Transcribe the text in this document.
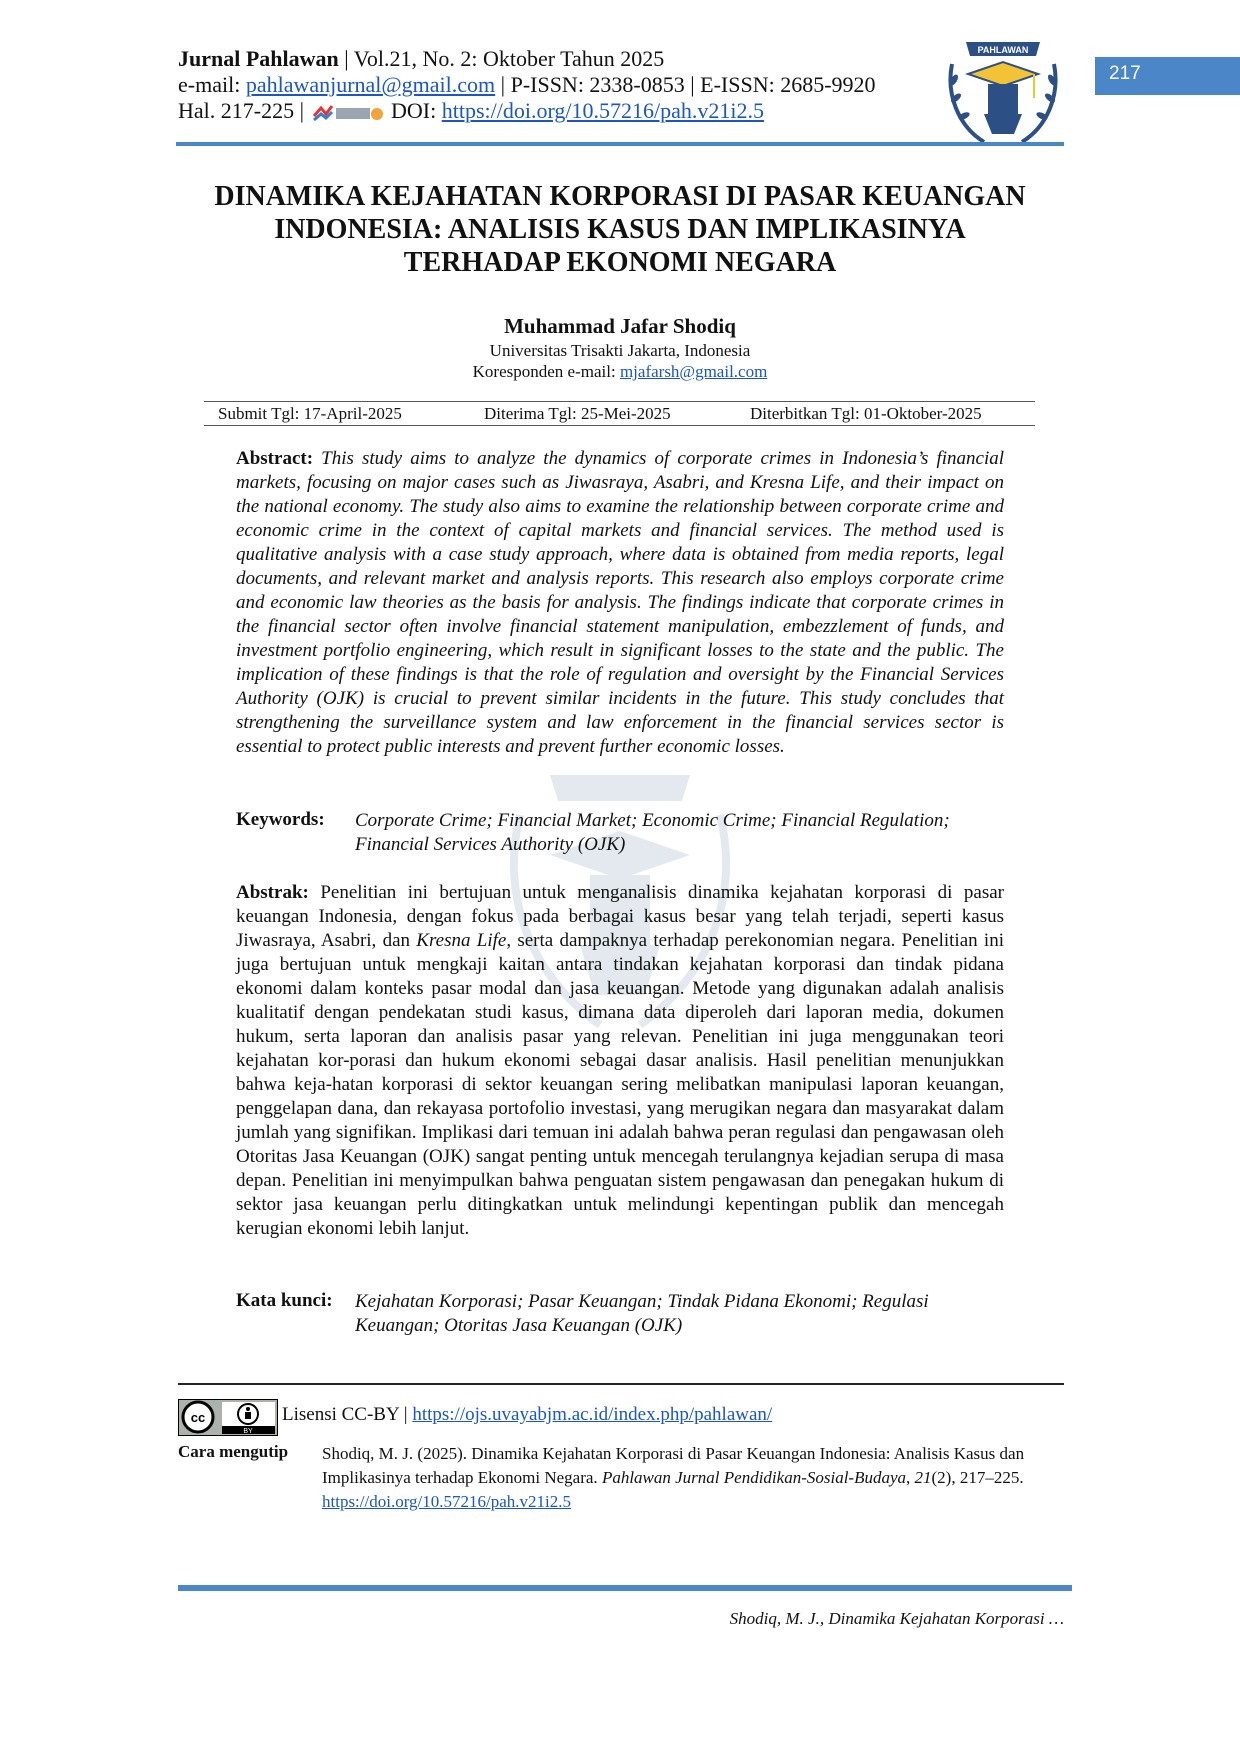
Jurnal Pahlawan | Vol.21, No. 2: Oktober Tahun 2025
e-mail: pahlawanjurnal@gmail.com | P-ISSN: 2338-0853 | E-ISSN: 2685-9920
Hal. 217-225 |	DOI: https://doi.org/10.57216/pah.v21i2.5
PAHLAWAN
217
DINAMIKA KEJAHATAN KORPORASI DI PASAR KEUANGAN
INDONESIA: ANALISIS KASUS DAN IMPLIKASINYA
TERHADAP EKONOMI NEGARA
Muhammad Jafar Shodiq
Universitas Trisakti Jakarta, Indonesia
Koresponden e-mail: mjafarsh@gmail.com
Submit Tgl: 17-April-2025	Diterima Tgl: 25-Mei-2025	Diterbitkan Tgl: 01-Oktober-2025
Abstract: This study aims to analyze the dynamics of corporate crimes in Indonesia’s financial markets, focusing on major cases such as Jiwasraya, Asabri, and Kresna Life, and their impact on the national economy. The study also aims to examine the relationship between corporate crime and economic crime in the context of capital markets and financial services. The method used is qualitative analysis with a case study approach, where data is obtained from media reports, legal documents, and relevant market and analysis reports. This research also employs corporate crime and economic law theories as the basis for analysis. The findings indicate that corporate crimes in the financial sector often involve financial statement manipulation, embezzlement of funds, and investment portfolio engineering, which result in significant losses to the state and the public. The implication of these findings is that the role of regulation and oversight by the Financial Services Authority (OJK) is crucial to prevent similar incidents in the future. This study concludes that strengthening the surveillance system and law enforcement in the financial services sector is essential to protect public interests and prevent further economic losses.
Keywords: Corporate Crime; Financial Market; Economic Crime; Financial Regulation; Financial Services Authority (OJK)
Abstrak: Penelitian ini bertujuan untuk menganalisis dinamika kejahatan korporasi di pasar keuangan Indonesia, dengan fokus pada berbagai kasus besar yang telah terjadi, seperti kasus Jiwasraya, Asabri, dan Kresna Life, serta dampaknya terhadap perekonomian negara. Penelitian ini juga bertujuan untuk mengkaji kaitan antara tindakan kejahatan korporasi dan tindak pidana ekonomi dalam konteks pasar modal dan jasa keuangan. Metode yang digunakan adalah analisis kualitatif dengan pendekatan studi kasus, dimana data diperoleh dari laporan media, dokumen hukum, serta laporan dan analisis pasar yang relevan. Penelitian ini juga menggunakan teori kejahatan kor-porasi dan hukum ekonomi sebagai dasar analisis. Hasil penelitian menunjukkan bahwa keja-hatan korporasi di sektor keuangan sering melibatkan manipulasi laporan keuangan, penggelapan dana, dan rekayasa portofolio investasi, yang merugikan negara dan masyarakat dalam jumlah yang signifikan. Implikasi dari temuan ini adalah bahwa peran regulasi dan pengawasan oleh Otoritas Jasa Keuangan (OJK) sangat penting untuk mencegah terulangnya kejadian serupa di masa depan. Penelitian ini menyimpulkan bahwa penguatan sistem pengawasan dan penegakan hukum di sektor jasa keuangan perlu ditingkatkan untuk melindungi kepentingan publik dan mencegah kerugian ekonomi lebih lanjut.
Kata kunci: Kejahatan Korporasi; Pasar Keuangan; Tindak Pidana Ekonomi; Regulasi Keuangan; Otoritas Jasa Keuangan (OJK)
cc
BY
Lisensi CC-BY | https://ojs.uvayabjm.ac.id/index.php/pahlawan/
Cara mengutip Shodiq, M. J. (2025). Dinamika Kejahatan Korporasi di Pasar Keuangan Indonesia: Analisis Kasus dan Implikasinya terhadap Ekonomi Negara. Pahlawan Jurnal Pendidikan-Sosial-Budaya, 21(2), 217–225. https://doi.org/10.57216/pah.v21i2.5
Shodiq, M. J., Dinamika Kejahatan Korporasi …
